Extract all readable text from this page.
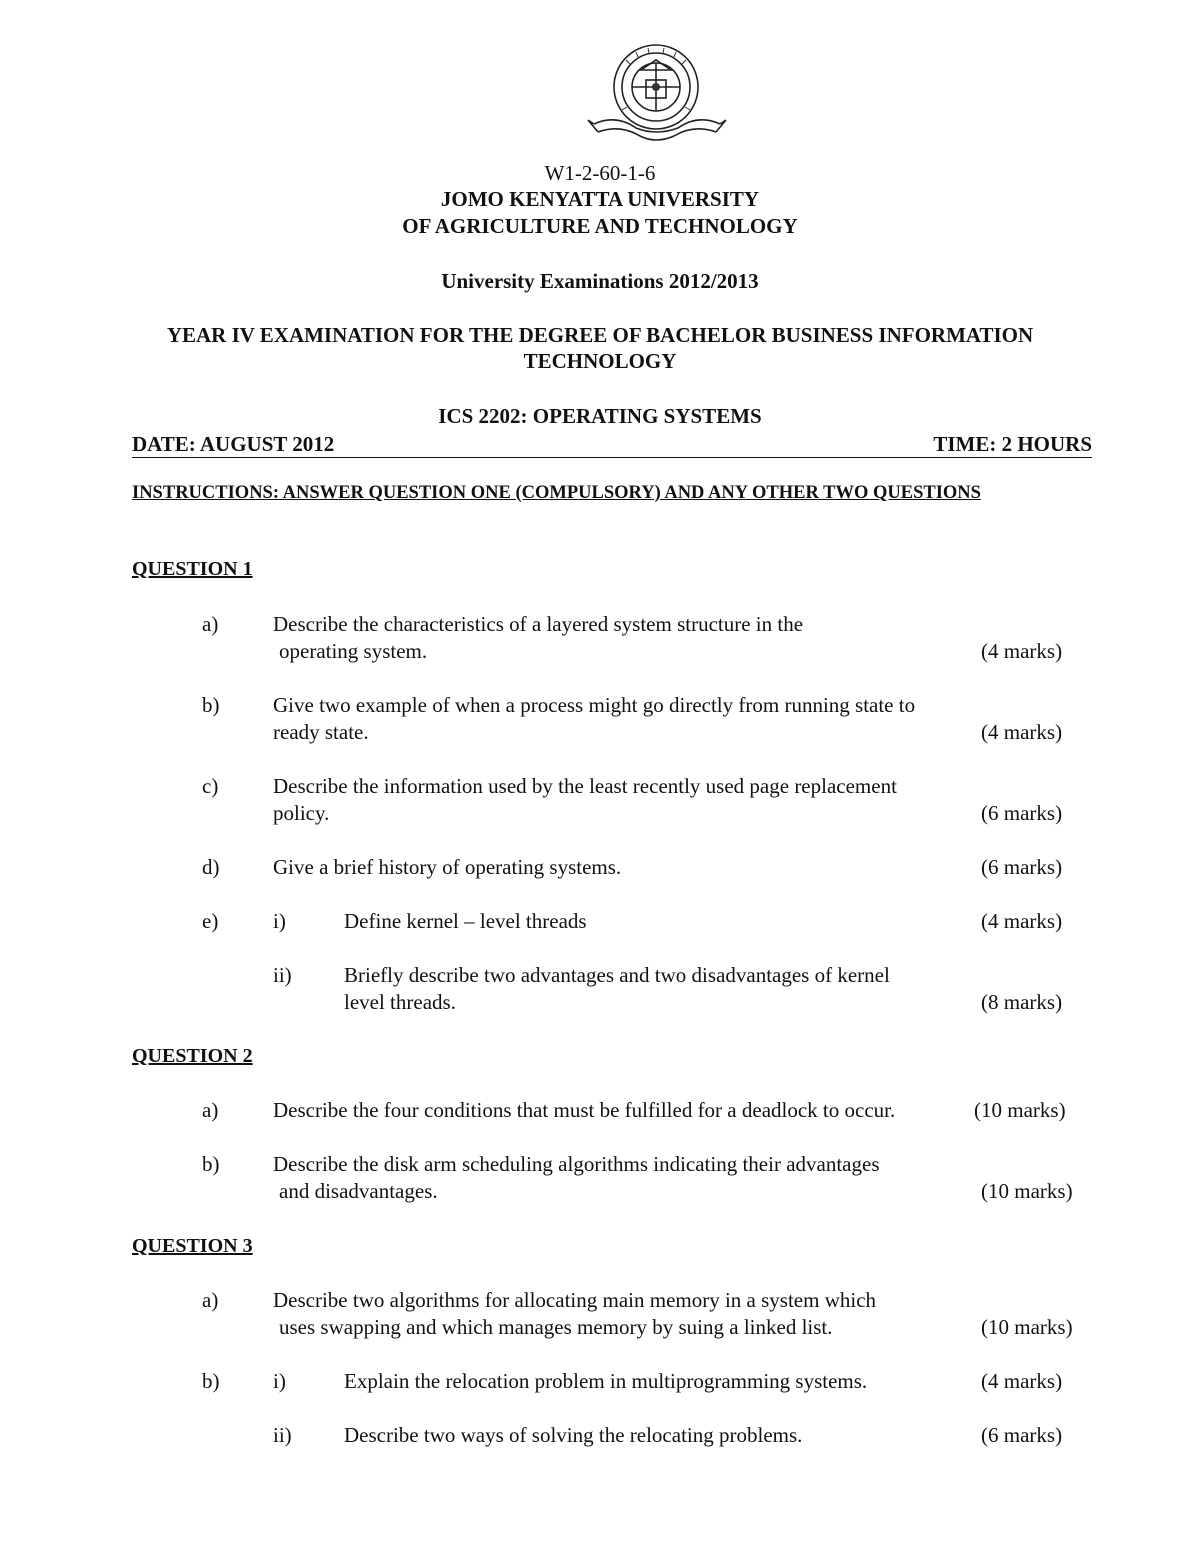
W1-2-60-1-6
JOMO KENYATTA UNIVERSITY
OF AGRICULTURE AND TECHNOLOGY
University Examinations 2012/2013
YEAR IV EXAMINATION FOR THE DEGREE OF BACHELOR BUSINESS INFORMATION
TECHNOLOGY
ICS 2202: OPERATING SYSTEMS
DATE: AUGUST 2012	TIME: 2 HOURS
INSTRUCTIONS: ANSWER QUESTION ONE (COMPULSORY) AND ANY OTHER TWO QUESTIONS
QUESTION 1
a)	Describe the characteristics of a layered system structure in the
operating system.	(4 marks)
b)	Give two example of when a process might go directly from running state to
ready state.	(4 marks)
c)	Describe the information used by the least recently used page replacement
policy.	(6 marks)
d)	Give a brief history of operating systems.	(6 marks)
e)	i)	Define kernel – level threads	(4 marks)
ii) Briefly describe two advantages and two disadvantages of kernel
level threads.	(8 marks)
QUESTION 2
a)	Describe the four conditions that must be fulfilled for a deadlock to occur.	(10 marks)
b)	Describe the disk arm scheduling algorithms indicating their advantages
and disadvantages.	(10 marks)
QUESTION 3
a)	Describe two algorithms for allocating main memory in a system which
uses swapping and which manages memory by suing a linked list.	(10 marks)
b)	i)	Explain the relocation problem in multiprogramming systems.	(4 marks)
ii) Describe two ways of solving the relocating problems.	(6 marks)
